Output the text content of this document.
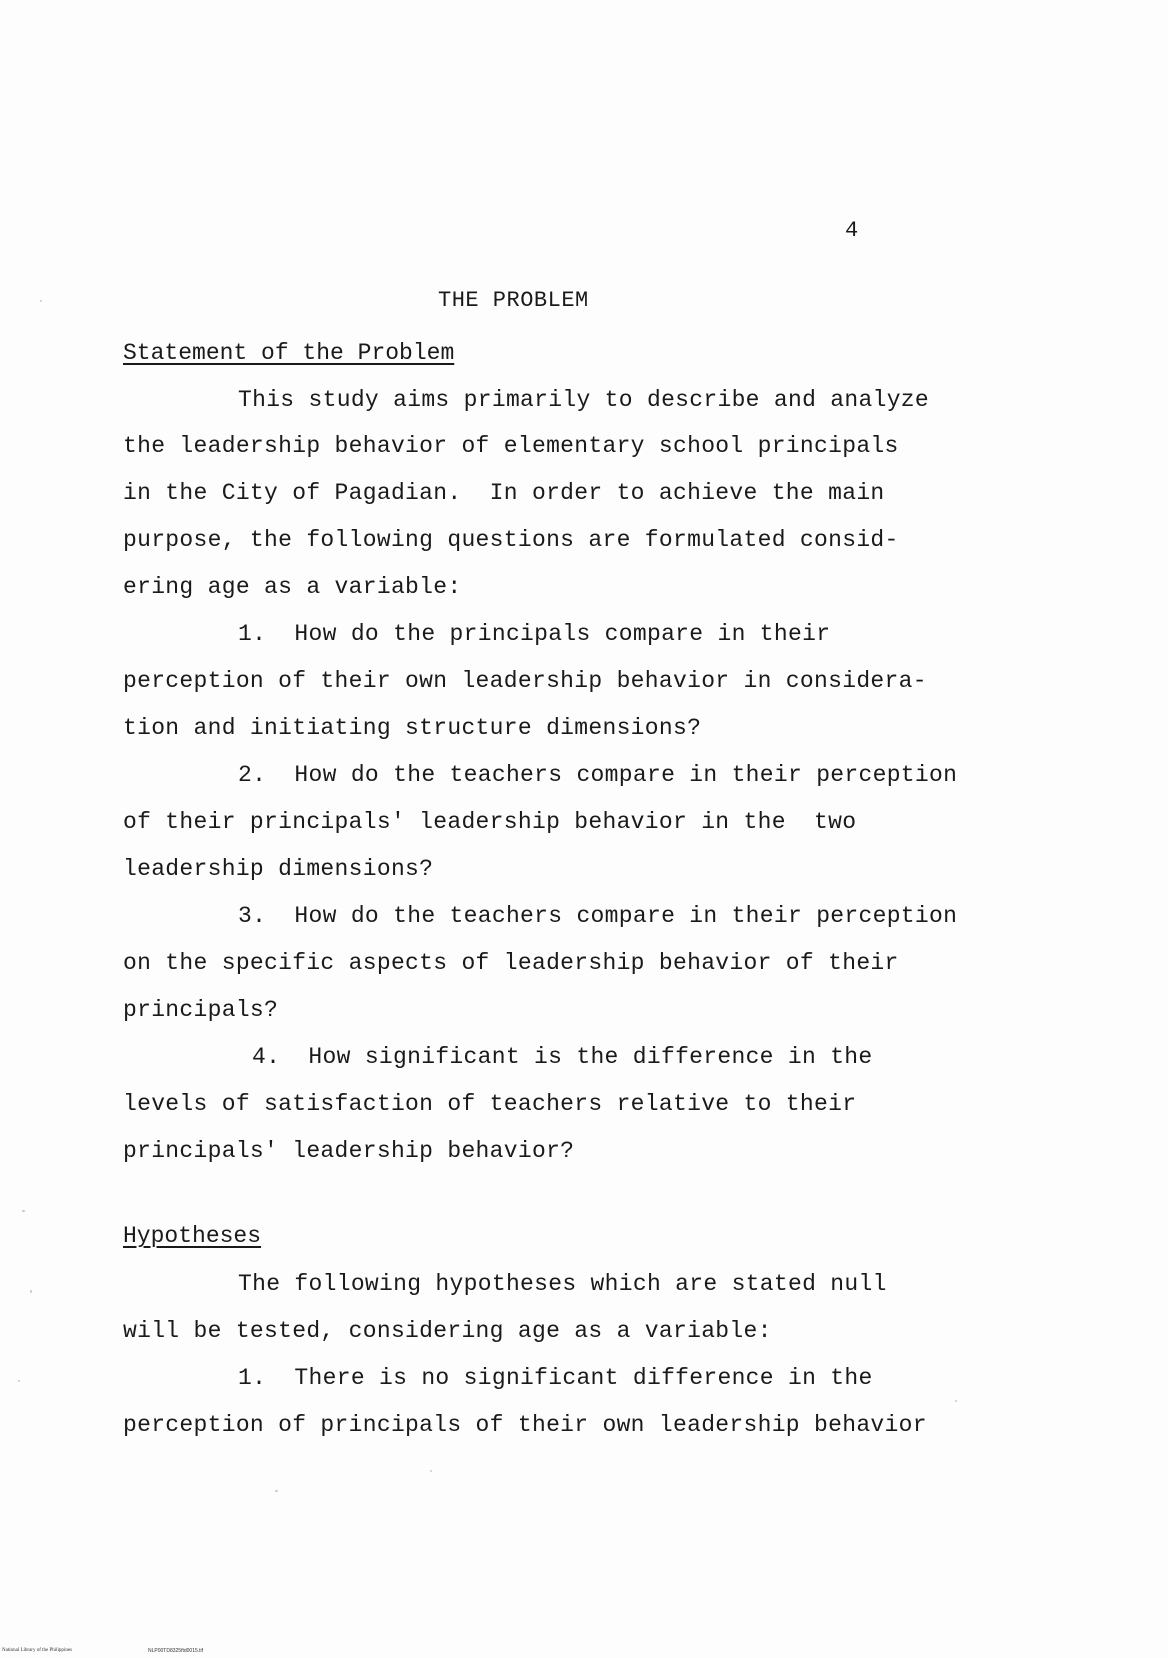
4
THE PROBLEM
Statement of the Problem
This study aims primarily to describe and analyze
the leadership behavior of elementary school principals
in the City of Pagadian.  In order to achieve the main
purpose, the following questions are formulated consid-
ering age as a variable:
1.  How do the principals compare in their
perception of their own leadership behavior in considera-
tion and initiating structure dimensions?
2.  How do the teachers compare in their perception
of their principals' leadership behavior in the  two
leadership dimensions?
3.  How do the teachers compare in their perception
on the specific aspects of leadership behavior of their
principals?
4.  How significant is the difference in the
levels of satisfaction of teachers relative to their
principals' leadership behavior?
Hypotheses
The following hypotheses which are stated null
will be tested, considering age as a variable:
1.  There is no significant difference in the
perception of principals of their own leadership behavior
National Library of the Philippines	NLP00TD8325ftd0015.tif
